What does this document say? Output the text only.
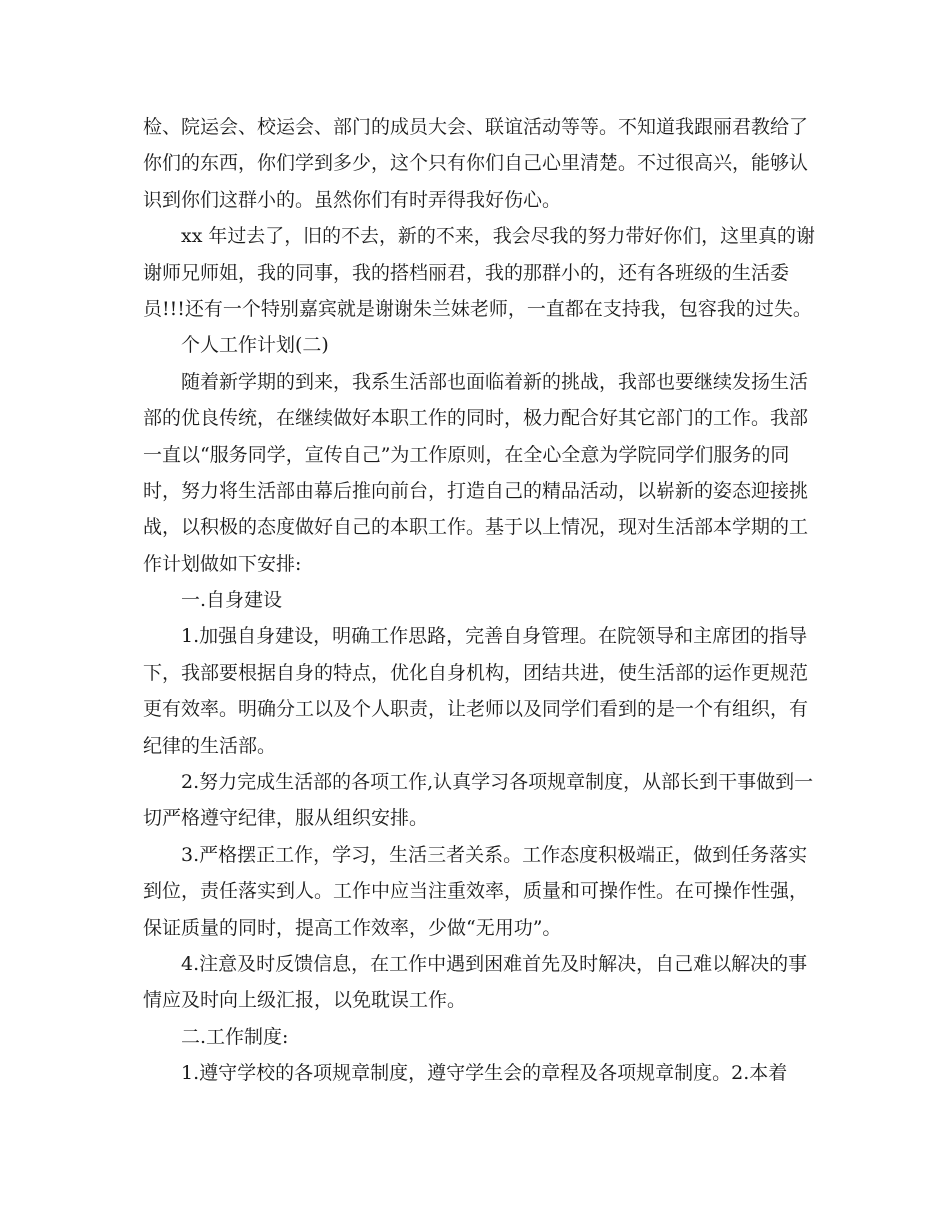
检、院运会、校运会、部门的成员大会、联谊活动等等。不知道我跟丽君教给了
你们的东西，你们学到多少，这个只有你们自己心里清楚。不过很高兴，能够认
识到你们这群小的。虽然你们有时弄得我好伤心。
xx 年过去了，旧的不去，新的不来，我会尽我的努力带好你们，这里真的谢
谢师兄师姐，我的同事，我的搭档丽君，我的那群小的，还有各班级的生活委
员!!!还有一个特别嘉宾就是谢谢朱兰妹老师，一直都在支持我，包容我的过失。
个人工作计划(二)
随着新学期的到来，我系生活部也面临着新的挑战，我部也要继续发扬生活
部的优良传统，在继续做好本职工作的同时，极力配合好其它部门的工作。我部
一直以“服务同学，宣传自己”为工作原则，在全心全意为学院同学们服务的同
时，努力将生活部由幕后推向前台，打造自己的精品活动，以崭新的姿态迎接挑
战，以积极的态度做好自己的本职工作。基于以上情况，现对生活部本学期的工
作计划做如下安排:
一.自身建设
1.加强自身建设，明确工作思路，完善自身管理。在院领导和主席团的指导
下，我部要根据自身的特点，优化自身机构，团结共进，使生活部的运作更规范
更有效率。明确分工以及个人职责，让老师以及同学们看到的是一个有组织，有
纪律的生活部。
2.努力完成生活部的各项工作,认真学习各项规章制度，从部长到干事做到一
切严格遵守纪律，服从组织安排。
3.严格摆正工作，学习，生活三者关系。工作态度积极端正，做到任务落实
到位，责任落实到人。工作中应当注重效率，质量和可操作性。在可操作性强，
保证质量的同时，提高工作效率，少做“无用功”。
4.注意及时反馈信息，在工作中遇到困难首先及时解决，自己难以解决的事
情应及时向上级汇报，以免耽误工作。
二.工作制度:
1.遵守学校的各项规章制度，遵守学生会的章程及各项规章制度。2.本着
